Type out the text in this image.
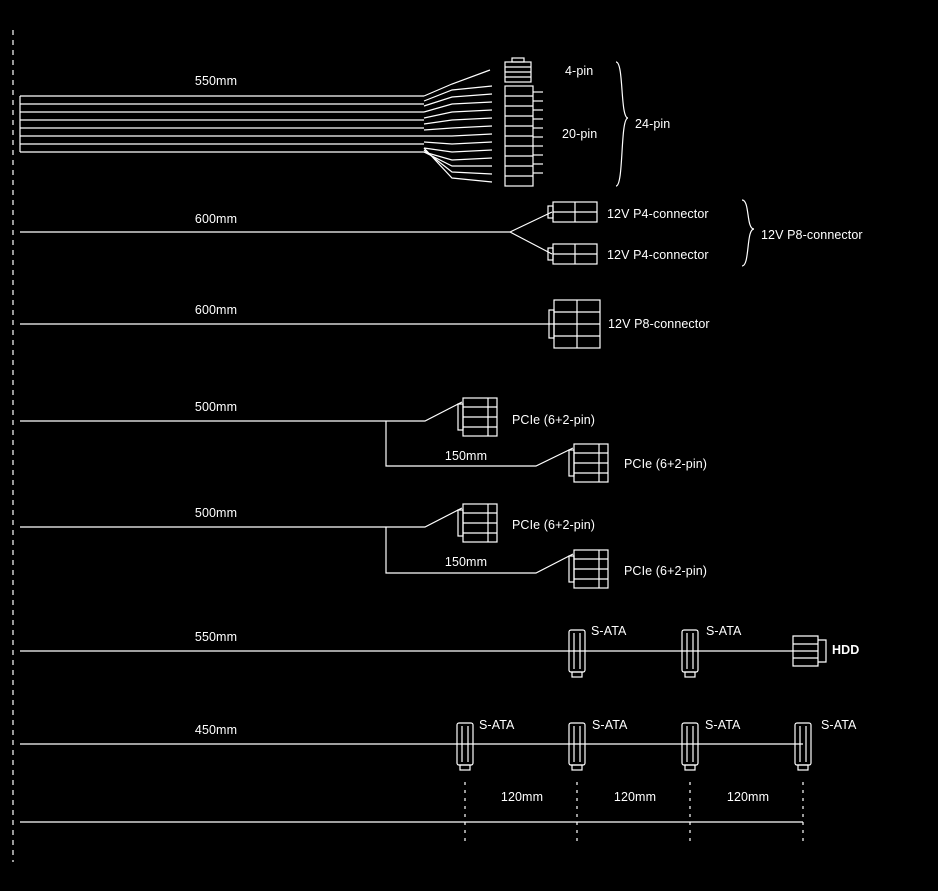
550mm
4-pin
20-pin
24-pin
600mm	12V P4-connector
12V P4-connector
12V P8-connector
600mm
12V P8-connector
500mm
150mm
PCIe (6+2-pin)
PCIe (6+2-pin)
500mm
150mm
PCIe (6+2-pin)
PCIe (6+2-pin)
550mm	S-ATA	S-ATA
HDD
450mm	S-ATA	S-ATA	S-ATA	S-ATA
120mm	120mm	120mm
